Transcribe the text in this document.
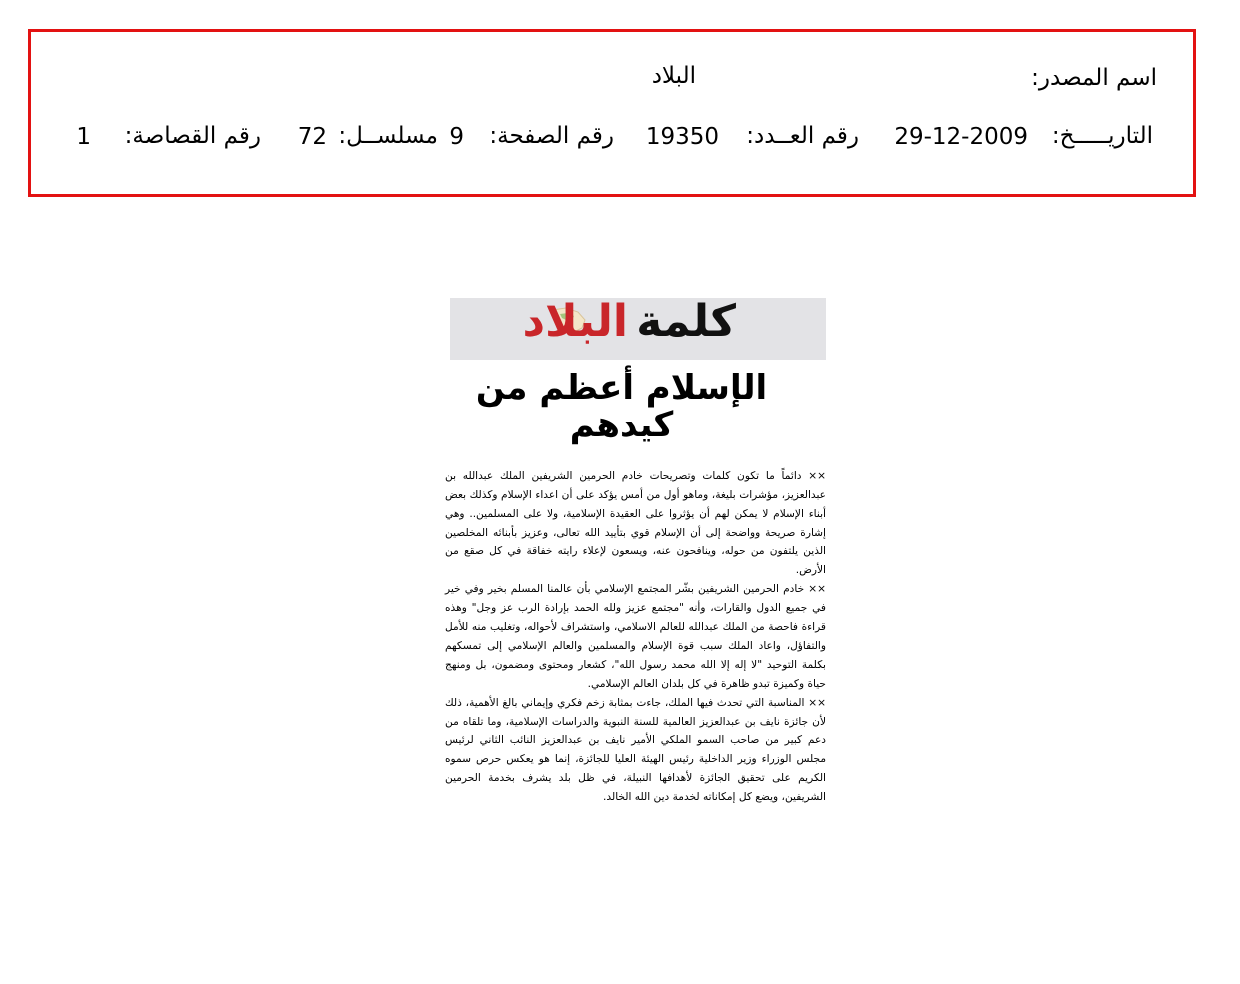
اسم المصدر:
البلاد
التاريـــــخ:
29-12-2009
رقم العــدد:
19350
رقم الصفحة:
9
مسلســل:
72
رقم القصاصة:
1
كلمة
البلاد
الإسلام أعظم من كيدهم

×× دائماً ما تكون كلمات وتصريحات خادم الحرمين الشريفين الملك عبدالله بن عبدالعزيز، مؤشرات بليغة، وماهو أول من أمس يؤكد على أن اعداء الإسلام وكذلك بعض أبناء الإسلام لا يمكن لهم أن يؤثروا على العقيدة الإسلامية، ولا على المسلمين.. وهي إشارة صريحة وواضحة إلى أن الإسلام قوي بتأييد الله تعالى، وعزيز بأبنائه المخلصين الذين يلتفون من حوله، وينافحون عنه، ويسعون لإعلاء رايته خفاقة في كل صقع من الأرض.

×× خادم الحرمين الشريفين بشّر المجتمع الإسلامي بأن عالمنا المسلم بخير وفي خير في جميع الدول والقارات، وأنه "مجتمع عزيز ولله الحمد بإرادة الرب عز وجل" وهذه قراءة فاحصة من الملك عبدالله للعالم الاسلامي، واستشراف لأحواله، وتغليب منه للأمل والتفاؤل، واعاد الملك سبب قوة الإسلام والمسلمين والعالم الإسلامي إلى تمسكهم بكلمة التوحيد "لا إله إلا الله محمد رسول الله"، كشعار ومحتوى ومضمون، بل ومنهج حياة وكميزة تبدو ظاهرة في كل بلدان العالم الإسلامي.

×× المناسبة التي تحدث فيها الملك، جاءت بمثابة زخم فكري وإيماني بالغ الأهمية، ذلك لأن جائزة نايف بن عبدالعزيز العالمية للسنة النبوية والدراسات الإسلامية، وما تلقاه من دعم كبير من صاحب السمو الملكي الأمير نايف بن عبدالعزيز النائب الثاني لرئيس مجلس الوزراء وزير الداخلية رئيس الهيئة العليا للجائزة، إنما هو يعكس حرص سموه الكريم على تحقيق الجائزة لأهدافها النبيلة، في ظل بلد يشرف بخدمة الحرمين الشريفين، ويضع كل إمكاناته لخدمة دين الله الخالد.
